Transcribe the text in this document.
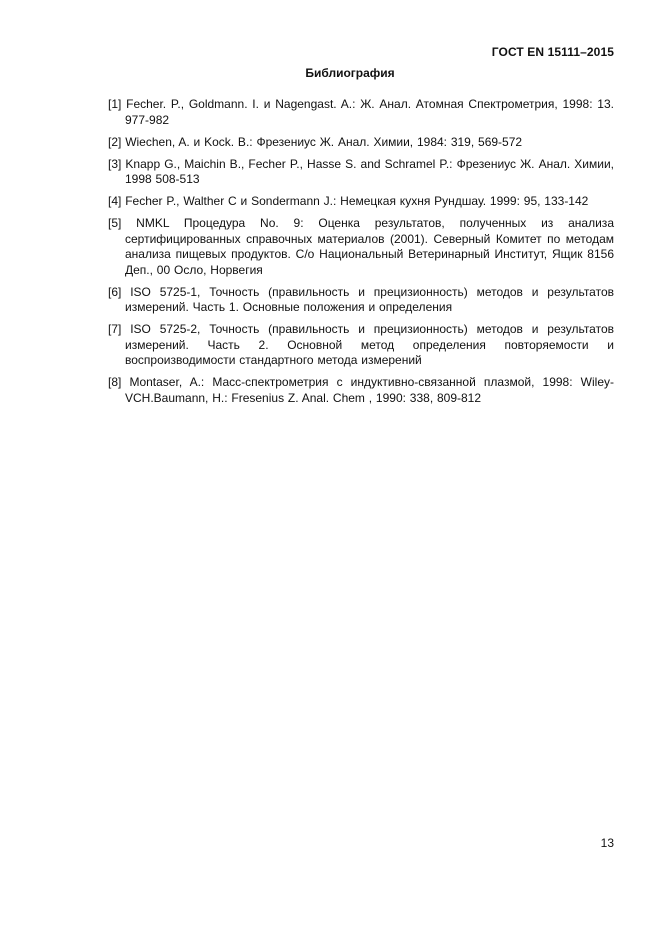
ГОСТ EN 15111–2015
Библиография
[1] Fecher. P., Goldmann. I. и Nagengast. A.: Ж. Анал. Атомная Спектрометрия, 1998: 13. 977-982
[2] Wiechen, A. и Kock. B.: Фрезениус Ж. Анал. Химии, 1984: 319, 569-572
[3] Knapp G., Maichin B., Fecher P., Hasse S. and Schramel P.: Фрезениус Ж. Анал. Химии, 1998 508-513
[4] Fecher P., Walther C и Sondermann J.: Немецкая кухня Рундшау. 1999: 95, 133-142
[5] NMKL Процедура No. 9: Оценка результатов, полученных из анализа сертифицированных справочных материалов (2001). Северный Комитет по методам анализа пищевых продуктов. C/o Национальный Ветеринарный Институт, Ящик 8156 Деп., 00 Осло, Норвегия
[6] ISO 5725-1, Точность (правильность и прецизионность) методов и результатов измерений. Часть 1. Основные положения и определения
[7] ISO 5725-2, Точность (правильность и прецизионность) методов и результатов измерений. Часть 2. Основной метод определения повторяемости и воспроизводимости стандартного метода измерений
[8] Montaser, A.: Масс-спектрометрия с индуктивно-связанной плазмой, 1998: Wiley-VCH.Baumann, H.: Fresenius Z. Anal. Chem , 1990: 338, 809-812
13
